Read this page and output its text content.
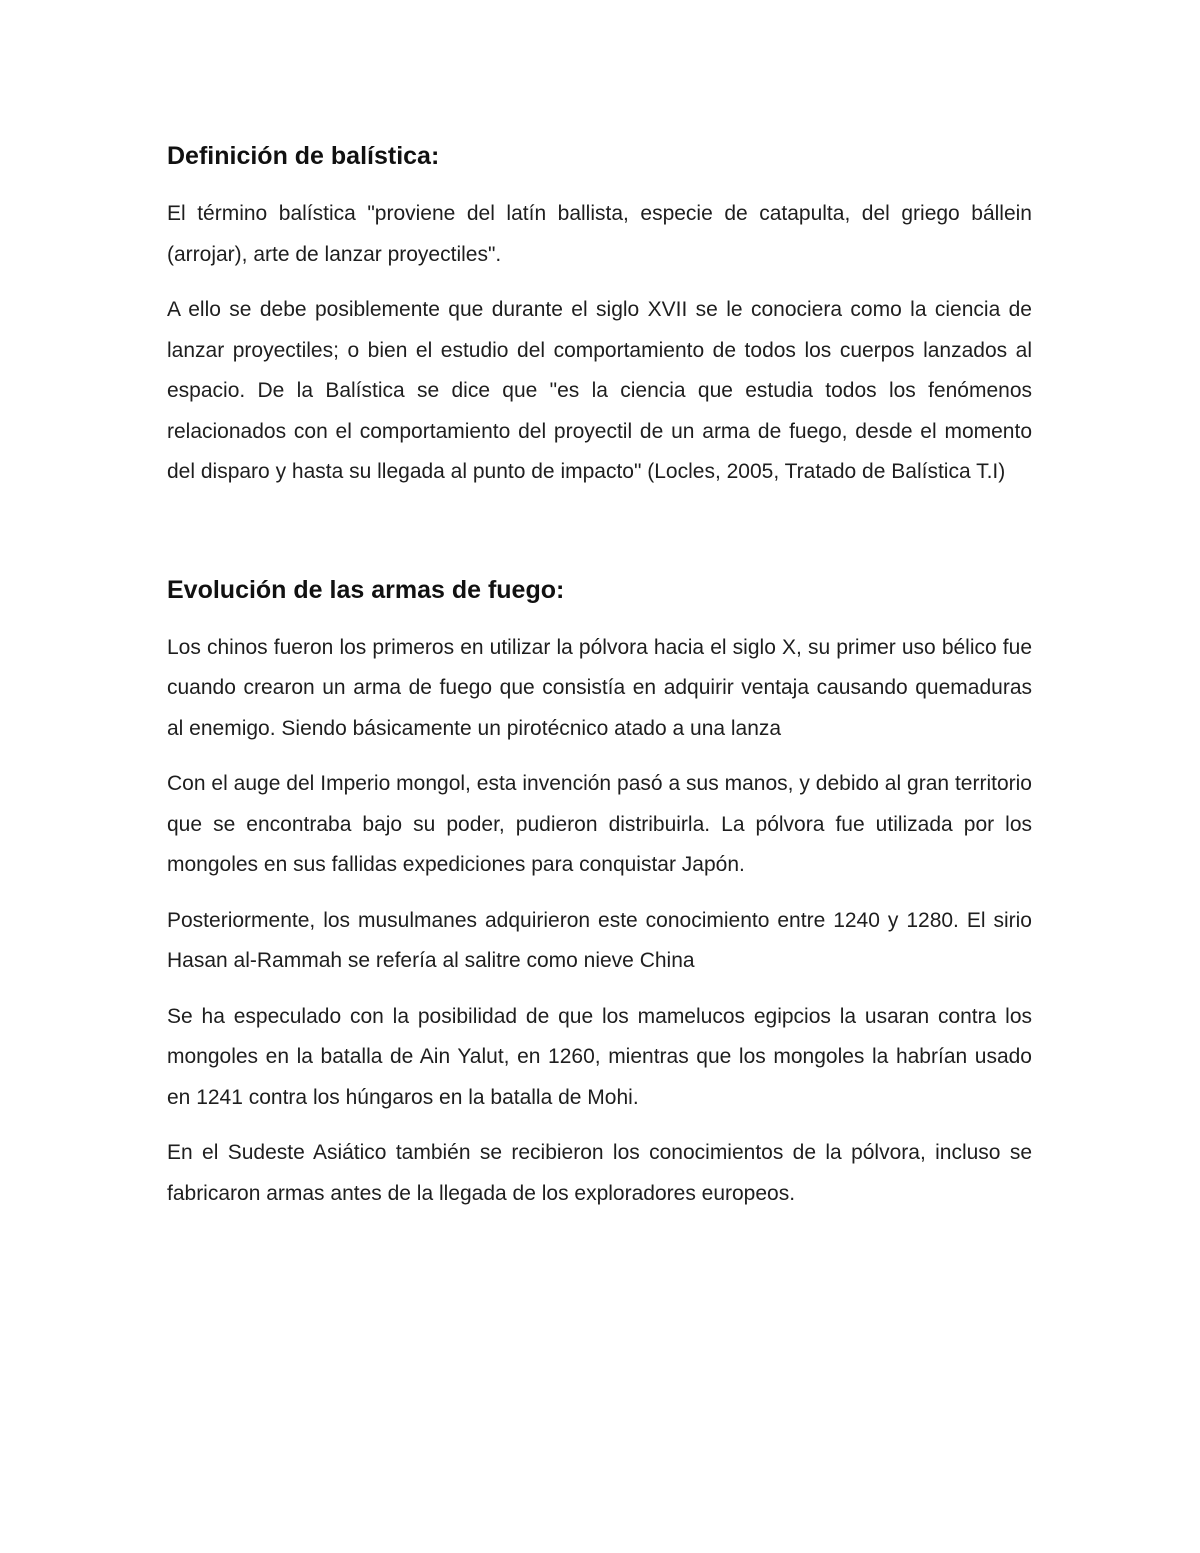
Definición de balística:

El término balística "proviene del latín ballista, especie de catapulta, del griego bállein (arrojar), arte de lanzar proyectiles".

A ello se debe posiblemente que durante el siglo XVII se le conociera como la ciencia de lanzar proyectiles; o bien el estudio del comportamiento de todos los cuerpos lanzados al espacio. De la Balística se dice que "es la ciencia que estudia todos los fenómenos relacionados con el comportamiento del proyectil de un arma de fuego, desde el momento del disparo y hasta su llegada al punto de impacto" (Locles, 2005, Tratado de Balística T.I)

Evolución de las armas de fuego:

Los chinos fueron los primeros en utilizar la pólvora hacia el siglo X, su primer uso bélico fue cuando crearon un arma de fuego que consistía en adquirir ventaja causando quemaduras al enemigo. Siendo básicamente un pirotécnico atado a una lanza

Con el auge del Imperio mongol, esta invención pasó a sus manos, y debido al gran territorio que se encontraba bajo su poder, pudieron distribuirla. La pólvora fue utilizada por los mongoles en sus fallidas expediciones para conquistar Japón.

Posteriormente, los musulmanes adquirieron este conocimiento entre 1240 y 1280. El sirio Hasan al-Rammah se refería al salitre como nieve China

Se ha especulado con la posibilidad de que los mamelucos egipcios la usaran contra los mongoles en la batalla de Ain Yalut, en 1260, mientras que los mongoles la habrían usado en 1241 contra los húngaros en la batalla de Mohi.

En el Sudeste Asiático también se recibieron los conocimientos de la pólvora, incluso se fabricaron armas antes de la llegada de los exploradores europeos.
